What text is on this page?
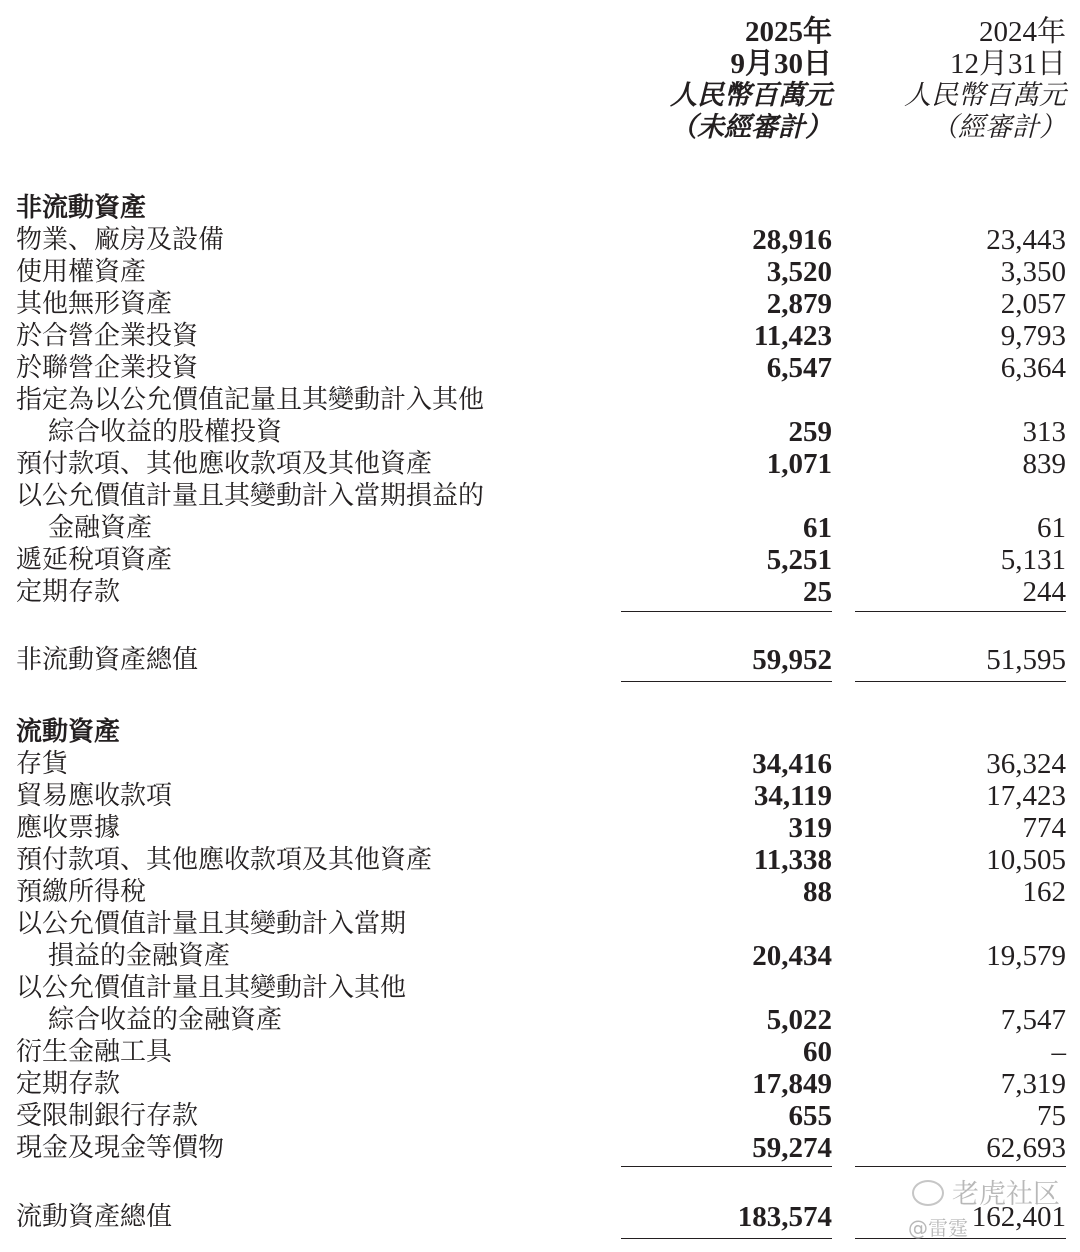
2025年
9月30日
人民幣百萬元
（未經審計）
2024年
12月31日
人民幣百萬元
（經審計）
非流動資產
物業、廠房及設備	28,916	23,443
使用權資產	3,520	3,350
其他無形資產	2,879	2,057
於合營企業投資	11,423	9,793
於聯營企業投資	6,547	6,364
指定為以公允價值記量且其變動計入其他
綜合收益的股權投資	259	313
預付款項、其他應收款項及其他資產	1,071	839
以公允價值計量且其變動計入當期損益的
金融資產	61	61
遞延稅項資產	5,251	5,131
定期存款	25	244
非流動資產總值	59,952	51,595
流動資產
存貨	34,416	36,324
貿易應收款項	34,119	17,423
應收票據	319	774
預付款項、其他應收款項及其他資產	11,338	10,505
預繳所得稅	88	162
以公允價值計量且其變動計入當期
損益的金融資產	20,434	19,579
以公允價值計量且其變動計入其他
綜合收益的金融資產	5,022	7,547
衍生金融工具	60	–
定期存款	17,849	7,319
受限制銀行存款	655	75
現金及現金等價物	59,274	62,693
流動資產總值	183,574	162,401
老虎社区
@雷霆
